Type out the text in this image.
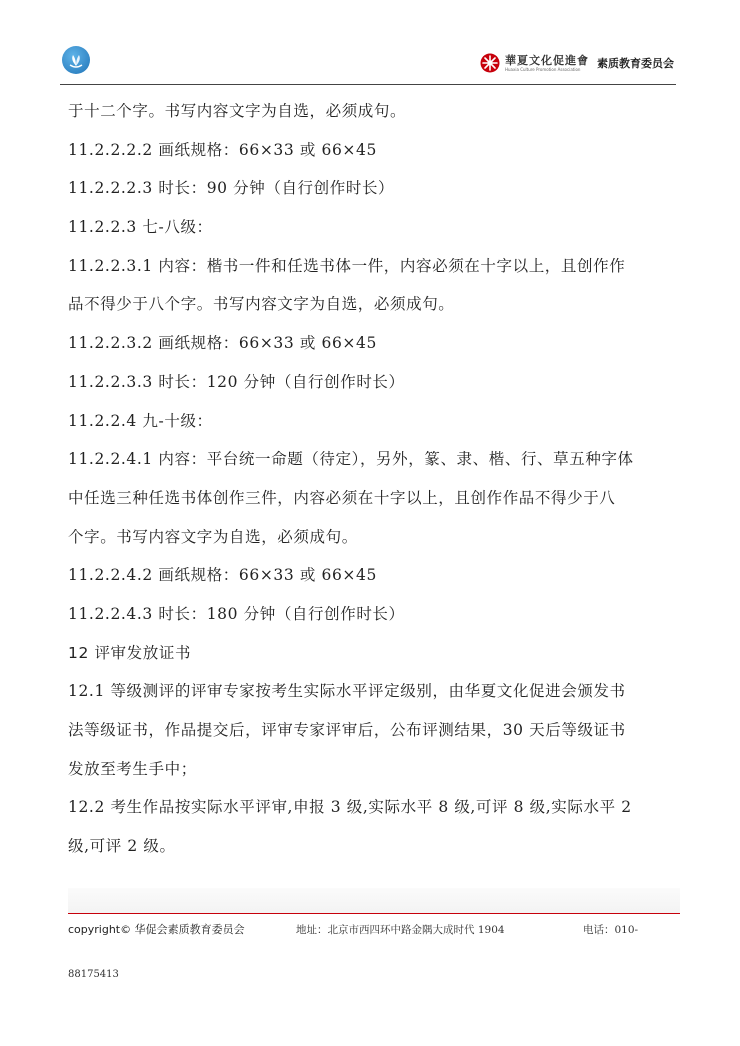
華夏文化促進會
Huaxia Culture Promotion Association	素质教育委员会
于十二个字。书写内容文字为自选，必须成句。
11.2.2.2.2 画纸规格：66×33 或 66×45
11.2.2.2.3 时长：90 分钟（自行创作时长）
11.2.2.3 七-八级：
11.2.2.3.1 内容：楷书一件和任选书体一件，内容必须在十字以上，且创作作
品不得少于八个字。书写内容文字为自选，必须成句。
11.2.2.3.2 画纸规格：66×33 或 66×45
11.2.2.3.3 时长：120 分钟（自行创作时长）
11.2.2.4 九-十级：
11.2.2.4.1 内容：平台统一命题（待定），另外，篆、隶、楷、行、草五种字体
中任选三种任选书体创作三件，内容必须在十字以上，且创作作品不得少于八
个字。书写内容文字为自选，必须成句。
11.2.2.4.2 画纸规格：66×33 或 66×45
11.2.2.4.3 时长：180 分钟（自行创作时长）
12 评审发放证书
12.1 等级测评的评审专家按考生实际水平评定级别，由华夏文化促进会颁发书
法等级证书，作品提交后，评审专家评审后，公布评测结果，30 天后等级证书
发放至考生手中；
12.2 考生作品按实际水平评审,申报 3 级,实际水平 8 级,可评 8 级,实际水平 2
级,可评 2 级。
copyright© 华促会素质教育委员会	地址：北京市西四环中路金隅大成时代 1904	电话：010-
88175413
